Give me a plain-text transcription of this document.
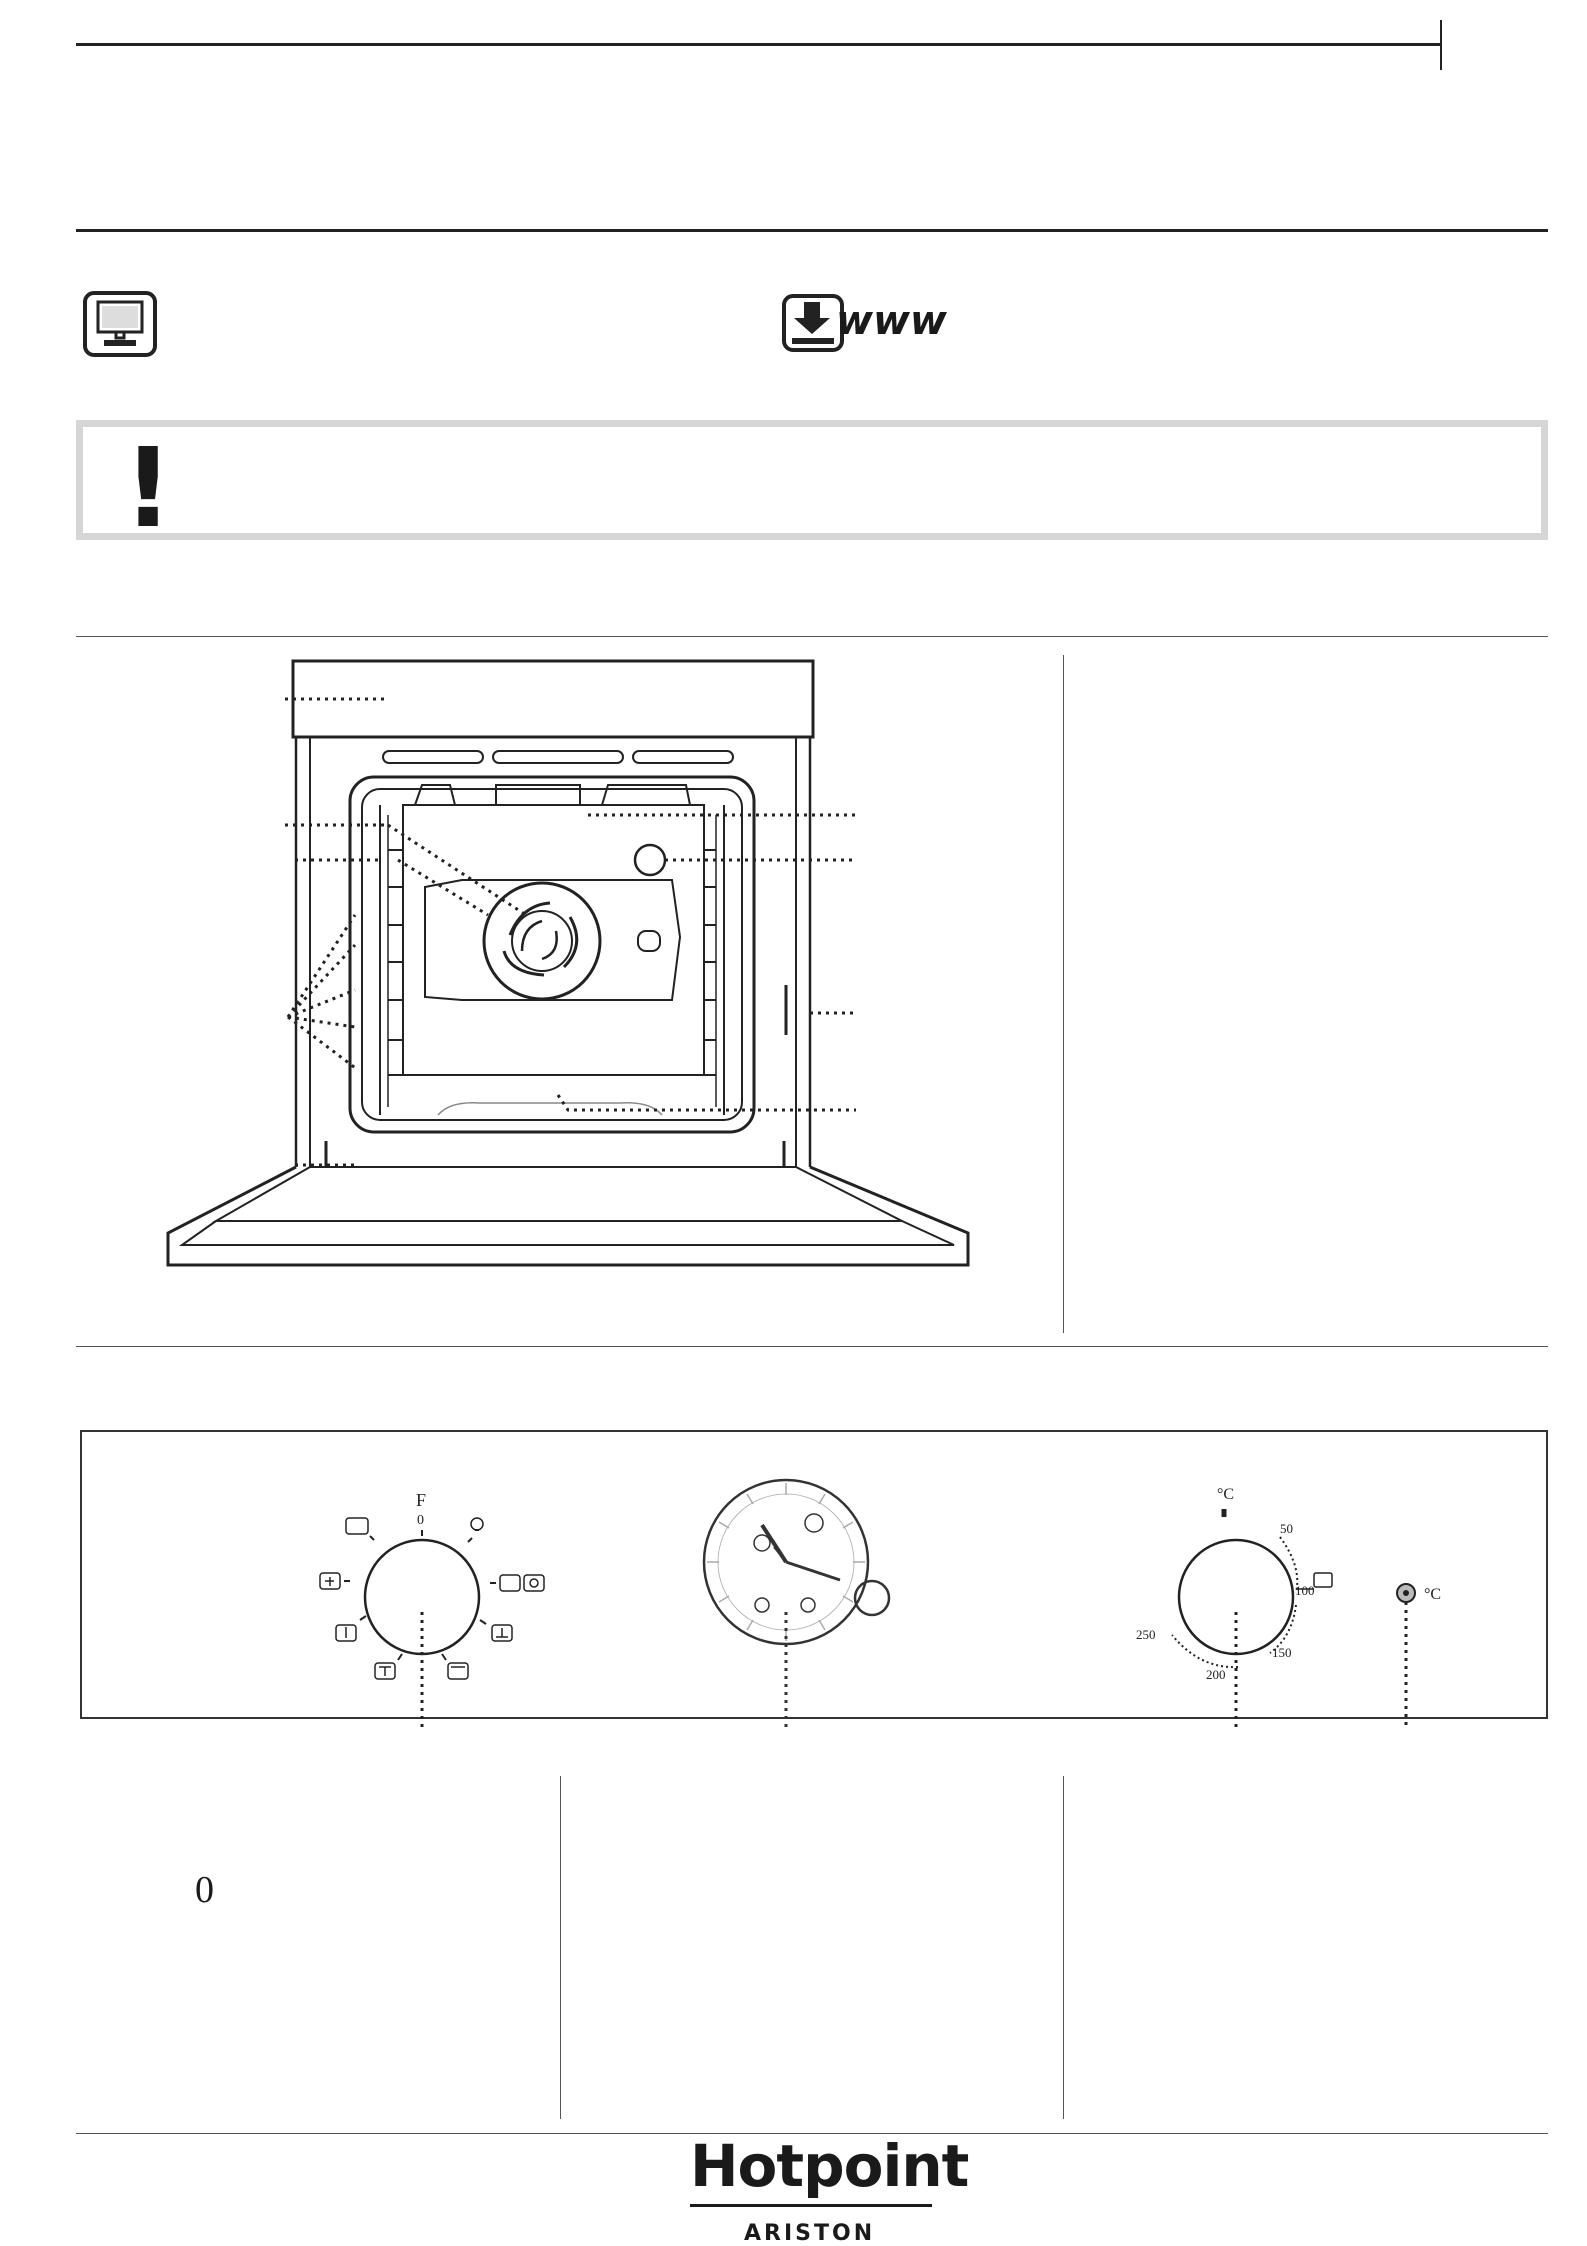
www
!
F
0
°C
50
100
150
200
250
°C
0
Hotpoint
ARISTON
